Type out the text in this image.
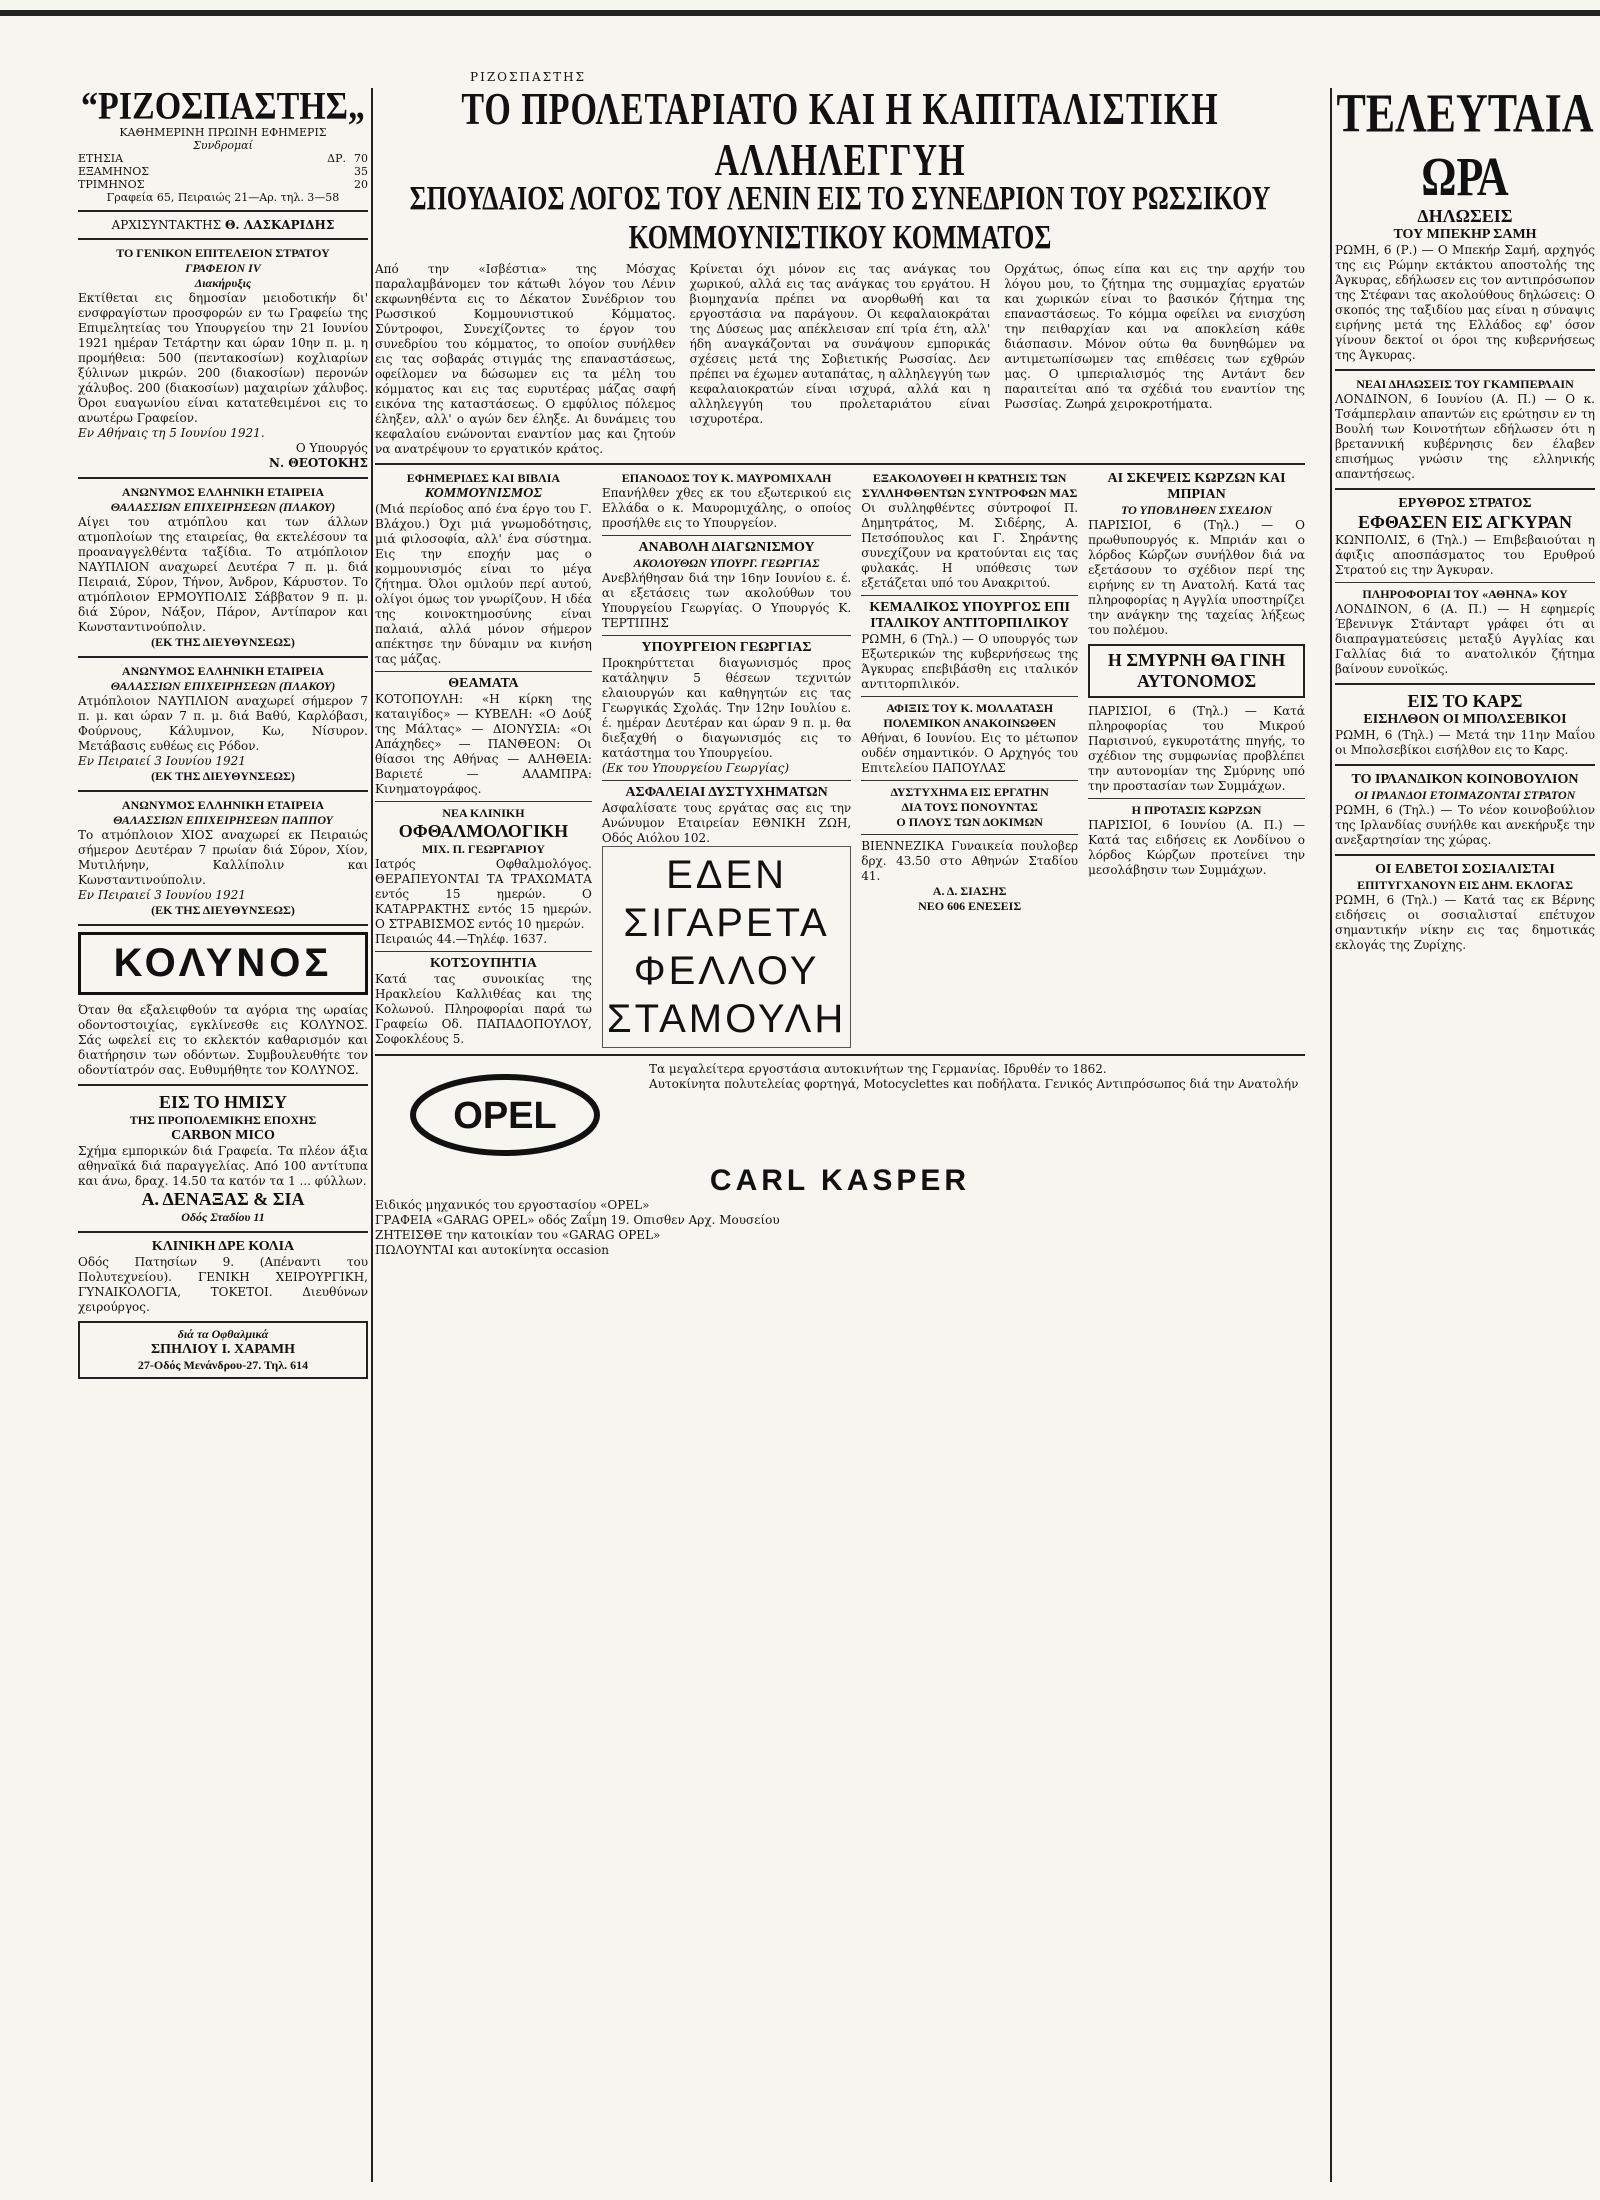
ΡΙΖΟΣΠΑΣΤΗΣ
“ΡΙΖΟΣΠΑΣΤΗΣ„
ΚΑΘΗΜΕΡΙΝΗ ΠΡΩΙΝΗ ΕΦΗΜΕΡΙΣ
Συνδρομαί
ΕΤΗΣΙΑ	ΔΡ. 70
ΕΞΑΜΗΝΟΣ	35
ΤΡΙΜΗΝΟΣ	20
Γραφεία 65, Πειραιώς 21—Αρ. τηλ. 3—58
ΑΡΧΙΣΥΝΤΑΚΤΗΣ Θ. ΛΑΣΚΑΡΙΔΗΣ
ΤΟ ΓΕΝΙΚΟΝ ΕΠΙΤΕΛΕΙΟΝ ΣΤΡΑΤΟΥ
ΓΡΑΦΕΙΟΝ IV
Διακήρυξις
Εκτίθεται εις δημοσίαν μειοδοτικήν δι' ενσφραγίστων προσφορών εν τω Γραφείω της Επιμελητείας του Υπουργείου την 21 Ιουνίου 1921 ημέραν Τετάρτην και ώραν 10ην π. μ. η προμήθεια: 500 (πεντακοσίων) κοχλιαρίων ξύλινων μικρών. 200 (διακοσίων) περονών χάλυβος. 200 (διακοσίων) μαχαιρίων χάλυβος. Όροι ευαγωνίου είναι κατατεθειμένοι εις το ανωτέρω Γραφείον.
Εν Αθήναις τη 5 Ιουνίου 1921.
Ο Υπουργός
Ν. ΘΕΟΤΟΚΗΣ
ΑΝΩΝΥΜΟΣ ΕΛΛΗΝΙΚΗ ΕΤΑΙΡΕΙΑ
ΘΑΛΑΣΣΙΩΝ ΕΠΙΧΕΙΡΗΣΕΩΝ (ΠΛΑΚΟΥ)
Αίγει του ατμόπλου και των άλλων ατμοπλοίων της εταιρείας, θα εκτελέσουν τα προαναγγελθέντα ταξίδια. Το ατμόπλοιον ΝΑΥΠΛΙΟΝ αναχωρεί Δευτέρα 7 π. μ. διά Πειραιά, Σύρον, Τήνον, Άνδρον, Κάρυστον. Το ατμόπλοιον ΕΡΜΟΥΠΟΛΙΣ Σάββατον 9 π. μ. διά Σύρον, Νάξον, Πάρον, Αντίπαρον και Κωνσταντινούπολιν.
(ΕΚ ΤΗΣ ΔΙΕΥΘΥΝΣΕΩΣ)
ΑΝΩΝΥΜΟΣ ΕΛΛΗΝΙΚΗ ΕΤΑΙΡΕΙΑ
ΘΑΛΑΣΣΙΩΝ ΕΠΙΧΕΙΡΗΣΕΩΝ (ΠΛΑΚΟΥ)
Ατμόπλοιον ΝΑΥΠΛΙΟΝ αναχωρεί σήμερον 7 π. μ. και ώραν 7 π. μ. διά Βαθύ, Καρλόβασι, Φούρνους, Κάλυμνον, Κω, Νίσυρον. Μετάβασις ευθέως εις Ρόδον.
Εν Πειραιεί 3 Ιουνίου 1921
(ΕΚ ΤΗΣ ΔΙΕΥΘΥΝΣΕΩΣ)
ΑΝΩΝΥΜΟΣ ΕΛΛΗΝΙΚΗ ΕΤΑΙΡΕΙΑ
ΘΑΛΑΣΣΙΩΝ ΕΠΙΧΕΙΡΗΣΕΩΝ ΠΑΠΠΟΥ
Το ατμόπλοιον ΧΙΟΣ αναχωρεί εκ Πειραιώς σήμερον Δευτέραν 7 πρωίαν διά Σύρον, Χίον, Μυτιλήνην, Καλλίπολιν και Κωνσταντινούπολιν.
Εν Πειραιεί 3 Ιουνίου 1921
(ΕΚ ΤΗΣ ΔΙΕΥΘΥΝΣΕΩΣ)
ΚΟΛΥΝΟΣ
Όταν θα εξαλειφθούν τα αγόρια της ωραίας οδοντοστοιχίας, εγκλίνεσθε εις ΚΟΛΥΝΟΣ. Σάς ωφελεί εις το εκλεκτόν καθαρισμόν και διατήρησιν των οδόντων. Συμβουλευθήτε τον οδοντίατρόν σας. Ευθυμήθητε τον ΚΟΛΥΝΟΣ.
ΕΙΣ ΤΟ ΗΜΙΣΥ
ΤΗΣ ΠΡΟΠΟΛΕΜΙΚΗΣ ΕΠΟΧΗΣ
CARBON MICO
Σχήμα εμπορικών διά Γραφεία. Τα πλέον άξια αθηναϊκά διά παραγγελίας. Από 100 αντίτυπα και άνω, δραχ. 14.50 τα κατόν τα 1 ... φύλλων.
Α. ΔΕΝΑΞΑΣ & ΣΙΑ
Οδός Σταδίου 11
ΚΛΙΝΙΚΗ ΔΡΕ ΚΟΛΙΑ
Οδός Πατησίων 9. (Απέναντι του Πολυτεχνείου). ΓΕΝΙΚΗ ΧΕΙΡΟΥΡΓΙΚΗ, ΓΥΝΑΙΚΟΛΟΓΙΑ, ΤΟΚΕΤΟΙ. Διευθύνων χειρούργος.
διά τα Οφθαλμικά
ΣΠΗΛΙΟΥ Ι. ΧΑΡΑΜΗ
27-Οδός Μενάνδρου-27. Τηλ. 614
ΤΟ ΠΡΟΛΕΤΑΡΙΑΤΟ ΚΑΙ Η ΚΑΠΙΤΑΛΙΣΤΙΚΗ ΑΛΛΗΛΕΓΓΥΗ
ΣΠΟΥΔΑΙΟΣ ΛΟΓΟΣ ΤΟΥ ΛΕΝΙΝ ΕΙΣ ΤΟ ΣΥΝΕΔΡΙΟΝ ΤΟΥ ΡΩΣΣΙΚΟΥ ΚΟΜΜΟΥΝΙΣΤΙΚΟΥ ΚΟΜΜΑΤΟΣ
Από την «Ισβέστια» της Μόσχας παραλαμβάνομεν τον κάτωθι λόγον του Λένιν εκφωνηθέντα εις το Δέκατον Συνέδριον του Ρωσσικού Κομμουνιστικού Κόμματος. Σύντροφοι, Συνεχίζοντες το έργον του συνεδρίου του κόμματος, το οποίον συνήλθεν εις τας σοβαράς στιγμάς της επαναστάσεως, οφείλομεν να δώσωμεν εις τα μέλη του κόμματος και εις τας ευρυτέρας μάζας σαφή εικόνα της καταστάσεως. Ο εμφύλιος πόλεμος έληξεν, αλλ' ο αγών δεν έληξε. Αι δυνάμεις του κεφαλαίου ενώνονται εναντίον μας και ζητούν να ανατρέψουν το εργατικόν κράτος.
Κρίνεται όχι μόνον εις τας ανάγκας του χωρικού, αλλά εις τας ανάγκας του εργάτου. Η βιομηχανία πρέπει να ανορθωθή και τα εργοστάσια να παράγουν. Οι κεφαλαιοκράται της Δύσεως μας απέκλεισαν επί τρία έτη, αλλ' ήδη αναγκάζονται να συνάψουν εμπορικάς σχέσεις μετά της Σοβιετικής Ρωσσίας. Δεν πρέπει να έχωμεν αυταπάτας, η αλληλεγγύη των κεφαλαιοκρατών είναι ισχυρά, αλλά και η αλληλεγγύη του προλεταριάτου είναι ισχυροτέρα.
Ορχάτως, όπως είπα και εις την αρχήν του λόγου μου, το ζήτημα της συμμαχίας εργατών και χωρικών είναι το βασικόν ζήτημα της επαναστάσεως. Το κόμμα οφείλει να ενισχύση την πειθαρχίαν και να αποκλείση κάθε διάσπασιν. Μόνον ούτω θα δυνηθώμεν να αντιμετωπίσωμεν τας επιθέσεις των εχθρών μας. Ο ιμπεριαλισμός της Αντάντ δεν παραιτείται από τα σχέδιά του εναντίον της Ρωσσίας. Ζωηρά χειροκροτήματα.
ΕΦΗΜΕΡΙΔΕΣ ΚΑΙ ΒΙΒΛΙΑ
ΚΟΜΜΟΥΝΙΣΜΟΣ
(Μιά περίοδος από ένα έργο του Γ. Βλάχου.) Όχι μιά γνωμοδότησις, μιά φιλοσοφία, αλλ' ένα σύστημα. Εις την εποχήν μας ο κομμουνισμός είναι το μέγα ζήτημα. Όλοι ομιλούν περί αυτού, ολίγοι όμως τον γνωρίζουν. Η ιδέα της κοινοκτημοσύνης είναι παλαιά, αλλά μόνον σήμερον απέκτησε την δύναμιν να κινήση τας μάζας.
ΘΕΑΜΑΤΑ
ΚΟΤΟΠΟΥΛΗ: «Η κίρκη της καταιγίδος» — ΚΥΒΕΛΗ: «Ο Δούξ της Μάλτας» — ΔΙΟΝΥΣΙΑ: «Οι Απάχηδες» — ΠΑΝΘΕΟΝ: Οι θίασοι της Αθήνας — ΑΛΗΘΕΙΑ: Βαριετέ — ΑΛΑΜΠΡΑ: Κινηματογράφος.
ΝΕΑ ΚΛΙΝΙΚΗ
ΟΦΘΑΛΜΟΛΟΓΙΚΗ
ΜΙΧ. Π. ΓΕΩΡΓΑΡΙΟΥ
Ιατρός Οφθαλμολόγος. ΘΕΡΑΠΕΥΟΝΤΑΙ ΤΑ ΤΡΑΧΩΜΑΤΑ εντός 15 ημερών. Ο ΚΑΤΑΡΡΑΚΤΗΣ εντός 15 ημερών. Ο ΣΤΡΑΒΙΣΜΟΣ εντός 10 ημερών.
Πειραιώς 44.—Τηλέφ. 1637.
ΚΟΤΣΟΥΠΗΤΙΑ
Κατά τας συνοικίας της Ηρακλείου Καλλιθέας και της Κολωνού. Πληροφορίαι παρά τω Γραφείω Οδ. ΠΑΠΑΔΟΠΟΥΛΟΥ, Σοφοκλέους 5.
ΕΠΑΝΟΔΟΣ ΤΟΥ Κ. ΜΑΥΡΟΜΙΧΑΛΗ
Επανήλθεν χθες εκ του εξωτερικού εις Ελλάδα ο κ. Μαυρομιχάλης, ο οποίος προσήλθε εις το Υπουργείον.
ΑΝΑΒΟΛΗ ΔΙΑΓΩΝΙΣΜΟΥ
ΑΚΟΛΟΥΘΩΝ ΥΠΟΥΡΓ. ΓΕΩΡΓΙΑΣ
Ανεβλήθησαν διά την 16ην Ιουνίου ε. έ. αι εξετάσεις των ακολούθων του Υπουργείου Γεωργίας. Ο Υπουργός Κ. ΤΕΡΤΙΠΗΣ
ΥΠΟΥΡΓΕΙΟΝ ΓΕΩΡΓΙΑΣ
Προκηρύττεται διαγωνισμός προς κατάληψιν 5 θέσεων τεχνιτών ελαιουργών και καθηγητών εις τας Γεωργικάς Σχολάς. Την 12ην Ιουλίου ε. έ. ημέραν Δευτέραν και ώραν 9 π. μ. θα διεξαχθή ο διαγωνισμός εις το κατάστημα του Υπουργείου.
(Εκ του Υπουργείου Γεωργίας)
ΑΣΦΑΛΕΙΑΙ ΔΥΣΤΥΧΗΜΑΤΩΝ
Ασφαλίσατε τους εργάτας σας εις την Ανώνυμον Εταιρείαν ΕΘΝΙΚΗ ΖΩΗ, Οδός Αιόλου 102.
ΕΔΕΝ ΣΙΓΑΡΕΤΑ ΦΕΛΛΟΥ ΣΤΑΜΟΥΛΗ
ΕΞΑΚΟΛΟΥΘΕΙ Η ΚΡΑΤΗΣΙΣ ΤΩΝ ΣΥΛΛΗΦΘΕΝΤΩΝ ΣΥΝΤΡΟΦΩΝ ΜΑΣ
Οι συλληφθέντες σύντροφοί Π. Δημητράτος, Μ. Σιδέρης, Α. Πετσόπουλος και Γ. Σηράντης συνεχίζουν να κρατούνται εις τας φυλακάς. Η υπόθεσις των εξετάζεται υπό του Ανακριτού.
ΚΕΜΑΛΙΚΟΣ ΥΠΟΥΡΓΟΣ ΕΠΙ ΙΤΑΛΙΚΟΥ ΑΝΤΙΤΟΡΠΙΛΙΚΟΥ
ΡΩΜΗ, 6 (Τηλ.) — Ο υπουργός των Εξωτερικών της κυβερνήσεως της Άγκυρας επεβιβάσθη εις ιταλικόν αντιτορπιλικόν.
ΑΦΙΞΙΣ ΤΟΥ Κ. ΜΟΛΛΑΤΑΣΗ
ΠΟΛΕΜΙΚΟΝ ΑΝΑΚΟΙΝΩΘΕΝ
Αθήναι, 6 Ιουνίου. Εις το μέτωπον ουδέν σημαντικόν. Ο Αρχηγός του Επιτελείου ΠΑΠΟΥΛΑΣ
ΔΥΣΤΥΧΗΜΑ ΕΙΣ ΕΡΓΑΤΗΝ
ΔΙΑ ΤΟΥΣ ΠΟΝΟΥΝΤΑΣ
Ο ΠΛΟΥΣ ΤΩΝ ΔΟΚΙΜΩΝ
ΒΙΕΝΝΕΖΙΚΑ Γυναικεία πουλοβερ δρχ. 43.50 στο Αθηνών Σταδίου 41.
Α. Δ. ΣΙΑΣΗΣ
ΝΕΟ 606 ΕΝΕΣΕΙΣ
ΑΙ ΣΚΕΨΕΙΣ ΚΩΡΖΩΝ ΚΑΙ ΜΠΡΙΑΝ
ΤΟ ΥΠΟΒΛΗΘΕΝ ΣΧΕΔΙΟΝ
ΠΑΡΙΣΙΟΙ, 6 (Τηλ.) — Ο πρωθυπουργός κ. Μπριάν και ο λόρδος Κώρζων συνήλθον διά να εξετάσουν το σχέδιον περί της ειρήνης εν τη Ανατολή. Κατά τας πληροφορίας η Αγγλία υποστηρίζει την ανάγκην της ταχείας λήξεως του πολέμου.
Η ΣΜΥΡΝΗ ΘΑ ΓΙΝΗ ΑΥΤΟΝΟΜΟΣ
ΠΑΡΙΣΙΟΙ, 6 (Τηλ.) — Κατά πληροφορίας του Μικρού Παρισινού, εγκυροτάτης πηγής, το σχέδιον της συμφωνίας προβλέπει την αυτονομίαν της Σμύρνης υπό την προστασίαν των Συμμάχων.
Η ΠΡΟΤΑΣΙΣ ΚΩΡΖΩΝ
ΠΑΡΙΣΙΟΙ, 6 Ιουνίου (Α. Π.) — Κατά τας ειδήσεις εκ Λονδίνου ο λόρδος Κώρζων προτείνει την μεσολάβησιν των Συμμάχων.
OPEL
Τα μεγαλείτερα εργοστάσια αυτοκινήτων της Γερμανίας. Ιδρυθέν το 1862.
Αυτοκίνητα πολυτελείας φορτηγά, Motocyclettes και ποδήλατα. Γενικός Αντιπρόσωπος διά την Ανατολήν
CARL KASPER
Ειδικός μηχανικός του εργοστασίου «OPEL»
ΓΡΑΦΕΙΑ «GARAG OPEL» οδός Ζαΐμη 19. Οπισθεν Αρχ. Μουσείου
ΖΗΤΕΙΣΘΕ την κατοικίαν του «GARAG OPEL»
ΠΩΛΟΥΝΤΑΙ και αυτοκίνητα occasion
ΤΕΛΕΥΤΑΙΑ ΩΡΑ
ΔΗΛΩΣΕΙΣ
ΤΟΥ ΜΠΕΚΗΡ ΣΑΜΗ
ΡΩΜΗ, 6 (Ρ.) — Ο Μπεκήρ Σαμή, αρχηγός της εις Ρώμην εκτάκτου αποστολής της Άγκυρας, εδήλωσεν εις τον αντιπρόσωπον της Στέφανι τας ακολούθους δηλώσεις: Ο σκοπός της ταξιδίου μας είναι η σύναψις ειρήνης μετά της Ελλάδος εφ' όσον γίνουν δεκτοί οι όροι της κυβερνήσεως της Άγκυρας.
ΝΕΑΙ ΔΗΛΩΣΕΙΣ ΤΟΥ ΓΚΑΜΠΕΡΛΑΙΝ
ΛΟΝΔΙΝΟΝ, 6 Ιουνίου (Α. Π.) — Ο κ. Τσάμπερλαιν απαντών εις ερώτησιν εν τη Βουλή των Κοινοτήτων εδήλωσεν ότι η βρεταννική κυβέρνησις δεν έλαβεν επισήμως γνώσιν της ελληνικής απαντήσεως.
ΕΡΥΘΡΟΣ ΣΤΡΑΤΟΣ
ΕΦΘΑΣΕΝ ΕΙΣ ΑΓΚΥΡΑΝ
ΚΩΝΠΟΛΙΣ, 6 (Τηλ.) — Επιβεβαιούται η άφιξις αποσπάσματος του Ερυθρού Στρατού εις την Άγκυραν.
ΠΛΗΡΟΦΟΡΙΑΙ ΤΟΥ «ΑΘΗΝΑ» ΚΟΥ
ΛΟΝΔΙΝΟΝ, 6 (Α. Π.) — Η εφημερίς Έβενινγκ Στάνταρτ γράφει ότι αι διαπραγματεύσεις μεταξύ Αγγλίας και Γαλλίας διά το ανατολικόν ζήτημα βαίνουν ευνοϊκώς.
ΕΙΣ ΤΟ ΚΑΡΣ
ΕΙΣΗΛΘΟΝ ΟΙ ΜΠΟΛΣΕΒΙΚΟΙ
ΡΩΜΗ, 6 (Τηλ.) — Μετά την 11ην Μαΐου οι Μπολσεβίκοι εισήλθον εις το Καρς.
ΤΟ ΙΡΛΑΝΔΙΚΟΝ ΚΟΙΝΟΒΟΥΛΙΟΝ
ΟΙ ΙΡΛΑΝΔΟΙ ΕΤΟΙΜΑΖΟΝΤΑΙ ΣΤΡΑΤΟΝ
ΡΩΜΗ, 6 (Τηλ.) — Το νέον κοινοβούλιον της Ιρλανδίας συνήλθε και ανεκήρυξε την ανεξαρτησίαν της χώρας.
ΟΙ ΕΛΒΕΤΟΙ ΣΟΣΙΑΛΙΣΤΑΙ
ΕΠΙΤΥΓΧΑΝΟΥΝ ΕΙΣ ΔΗΜ. ΕΚΛΟΓΑΣ
ΡΩΜΗ, 6 (Τηλ.) — Κατά τας εκ Βέρνης ειδήσεις οι σοσιαλισταί επέτυχον σημαντικήν νίκην εις τας δημοτικάς εκλογάς της Ζυρίχης.
